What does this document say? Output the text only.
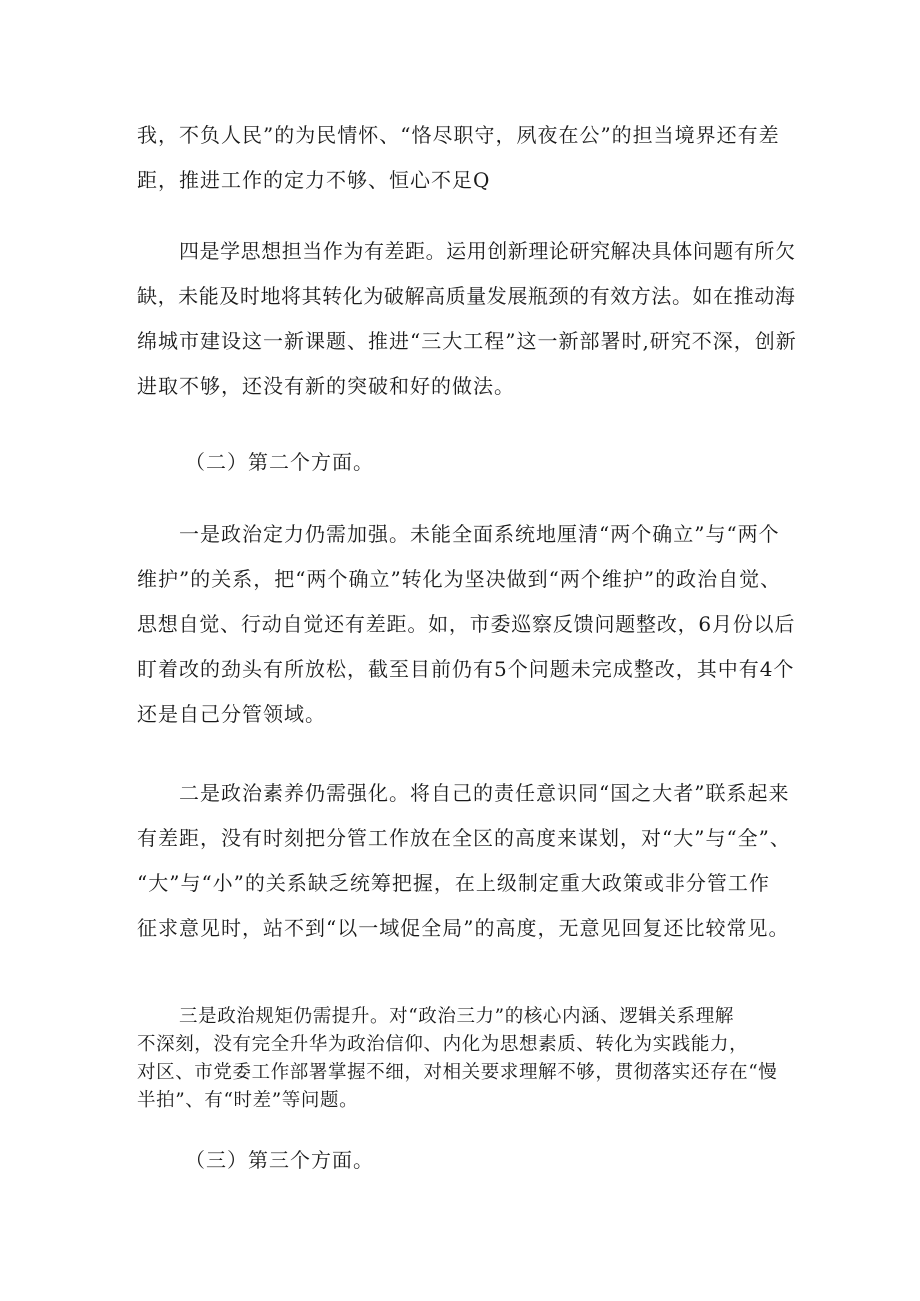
我，不负人民”的为民情怀、“恪尽职守，夙夜在公”的担当境界还有差
距，推进工作的定力不够、恒心不足Q

四是学思想担当作为有差距。运用创新理论研究解决具体问题有所欠
缺，未能及时地将其转化为破解高质量发展瓶颈的有效方法。如在推动海
绵城市建设这一新课题、推进“三大工程”这一新部署时,研究不深，创新
进取不够，还没有新的突破和好的做法。

（二）第二个方面。

一是政治定力仍需加强。未能全面系统地厘清“两个确立”与“两个
维护”的关系，把“两个确立”转化为坚决做到“两个维护”的政治自觉、
思想自觉、行动自觉还有差距。如，市委巡察反馈问题整改，6月份以后
盯着改的劲头有所放松，截至目前仍有5个问题未完成整改，其中有4个
还是自己分管领域。

二是政治素养仍需强化。将自己的责任意识同“国之大者”联系起来
有差距，没有时刻把分管工作放在全区的高度来谋划，对“大”与“全”、
“大”与“小”的关系缺乏统筹把握，在上级制定重大政策或非分管工作
征求意见时，站不到“以一域促全局”的高度，无意见回复还比较常见。

三是政治规矩仍需提升。对“政治三力”的核心内涵、逻辑关系理解
不深刻，没有完全升华为政治信仰、内化为思想素质、转化为实践能力，
对区、市党委工作部署掌握不细，对相关要求理解不够，贯彻落实还存在“慢
半拍”、有“时差”等问题。

（三）第三个方面。
